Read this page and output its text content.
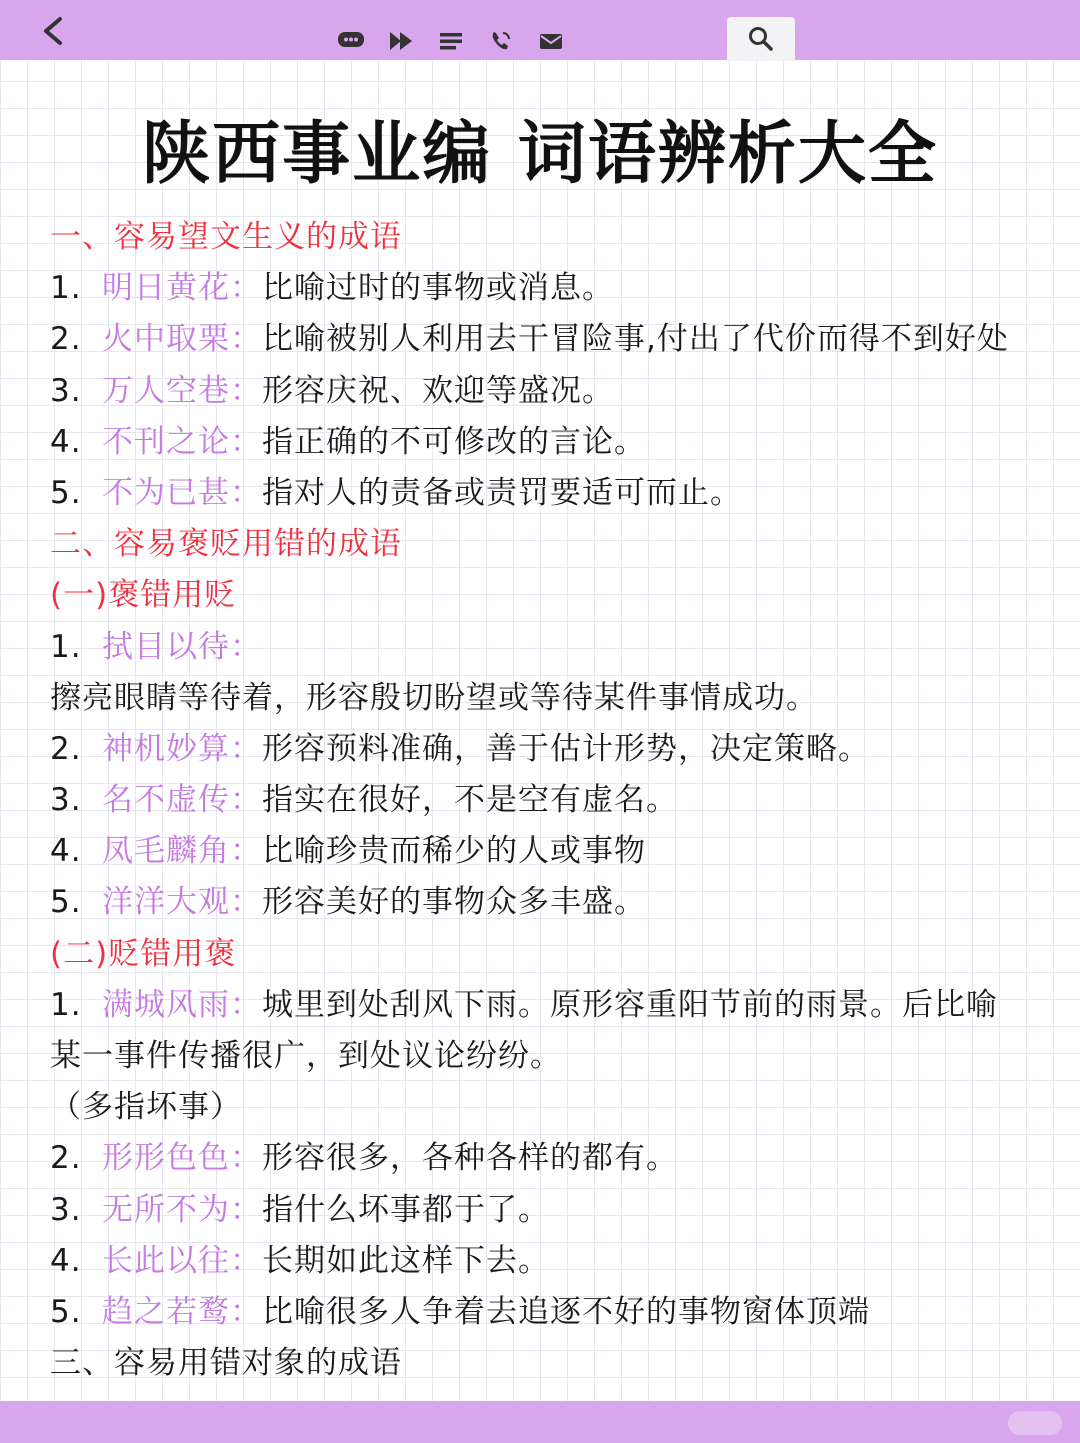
陕西事业编 词语辨析大全
一、容易望文生义的成语
1. 明日黄花：比喻过时的事物或消息。
2. 火中取栗：比喻被别人利用去干冒险事,付出了代价而得不到好处
3. 万人空巷：形容庆祝、欢迎等盛况。
4. 不刊之论：指正确的不可修改的言论。
5. 不为已甚：指对人的责备或责罚要适可而止。
二、容易褒贬用错的成语
(一)褒错用贬
1. 拭目以待：
擦亮眼睛等待着，形容殷切盼望或等待某件事情成功。
2. 神机妙算：形容预料准确，善于估计形势，决定策略。
3. 名不虚传：指实在很好，不是空有虚名。
4. 凤毛麟角：比喻珍贵而稀少的人或事物
5. 洋洋大观：形容美好的事物众多丰盛。
(二)贬错用褒
1. 满城风雨：城里到处刮风下雨。原形容重阳节前的雨景。后比喻
某一事件传播很广，到处议论纷纷。
（多指坏事）
2. 形形色色：形容很多，各种各样的都有。
3. 无所不为：指什么坏事都于了。
4. 长此以往：长期如此这样下去。
5. 趋之若鹜：比喻很多人争着去追逐不好的事物窗体顶端
三、容易用错对象的成语
